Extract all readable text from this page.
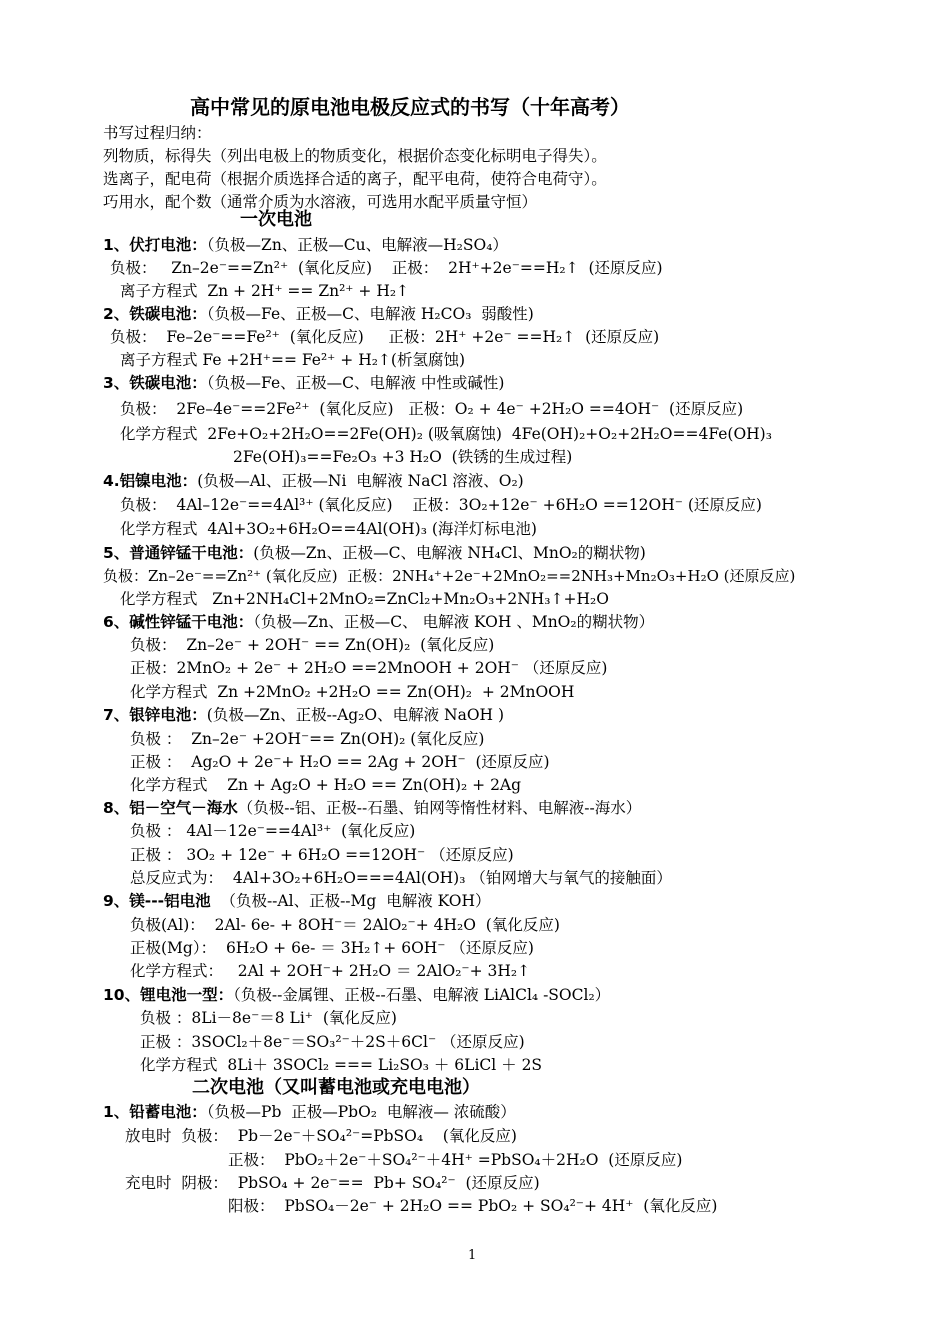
高中常见的原电池电极反应式的书写（十年高考）
书写过程归纳：
列物质，标得失（列出电极上的物质变化，根据价态变化标明电子得失）。
选离子，配电荷（根据介质选择合适的离子，配平电荷，使符合电荷守）。
巧用水，配个数（通常介质为水溶液，可选用水配平质量守恒）
一次电池
1、伏打电池：（负极—Zn、正极—Cu、电解液—H₂SO₄）
负极：   Zn–2e⁻==Zn²⁺  (氧化反应)    正极：  2H⁺+2e⁻==H₂↑  (还原反应)
离子方程式  Zn + 2H⁺ == Zn²⁺ + H₂↑
2、铁碳电池：（负极—Fe、正极—C、电解液 H₂CO₃  弱酸性)
负极：  Fe–2e⁻==Fe²⁺  (氧化反应)     正极：2H⁺ +2e⁻ ==H₂↑  (还原反应)
离子方程式 Fe +2H⁺== Fe²⁺ + H₂↑(析氢腐蚀)
3、铁碳电池：（负极—Fe、正极—C、电解液 中性或碱性)
负极：  2Fe–4e⁻==2Fe²⁺  (氧化反应)   正极：O₂ + 4e⁻ +2H₂O ==4OH⁻  (还原反应)
化学方程式  2Fe+O₂+2H₂O==2Fe(OH)₂ (吸氧腐蚀)  4Fe(OH)₂+O₂+2H₂O==4Fe(OH)₃
2Fe(OH)₃==Fe₂O₃ +3 H₂O  (铁锈的生成过程)
4.铝镍电池：(负极—Al、正极—Ni  电解液 NaCl 溶液、O₂)
负极：  4Al–12e⁻==4Al³⁺ (氧化反应)    正极：3O₂+12e⁻ +6H₂O ==12OH⁻ (还原反应)
化学方程式  4Al+3O₂+6H₂O==4Al(OH)₃ (海洋灯标电池)
5、普通锌锰干电池：(负极—Zn、正极—C、电解液 NH₄Cl、MnO₂的糊状物)
负极：Zn–2e⁻==Zn²⁺ (氧化反应)  正极：2NH₄⁺+2e⁻+2MnO₂==2NH₃+Mn₂O₃+H₂O (还原反应)
化学方程式   Zn+2NH₄Cl+2MnO₂=ZnCl₂+Mn₂O₃+2NH₃↑+H₂O
6、碱性锌锰干电池：（负极—Zn、正极—C、 电解液 KOH 、MnO₂的糊状物）
负极：  Zn–2e⁻ + 2OH⁻ == Zn(OH)₂  (氧化反应)
正极：2MnO₂ + 2e⁻ + 2H₂O ==2MnOOH + 2OH⁻ （还原反应)
化学方程式  Zn +2MnO₂ +2H₂O == Zn(OH)₂  + 2MnOOH
7、银锌电池：(负极—Zn、正极--Ag₂O、电解液 NaOH )
负极 ：  Zn–2e⁻ +2OH⁻== Zn(OH)₂ (氧化反应)
正极 ：  Ag₂O + 2e⁻+ H₂O == 2Ag + 2OH⁻  (还原反应)
化学方程式    Zn + Ag₂O + H₂O == Zn(OH)₂ + 2Ag
8、铝－空气－海水（负极--铝、正极--石墨、铂网等惰性材料、电解液--海水）
负极 ： 4Al－12e⁻==4Al³⁺  (氧化反应)
正极 ： 3O₂ + 12e⁻ + 6H₂O ==12OH⁻ （还原反应)
总反应式为：  4Al+3O₂+6H₂O===4Al(OH)₃ （铂网增大与氧气的接触面）
9、镁---铝电池  （负极--Al、正极--Mg  电解液 KOH）
负极(Al)：  2Al- 6e- + 8OH⁻＝ 2AlO₂⁻+ 4H₂O  (氧化反应)
正极(Mg）：  6H₂O + 6e- ＝ 3H₂↑+ 6OH⁻ （还原反应)
化学方程式：   2Al + 2OH⁻+ 2H₂O ＝ 2AlO₂⁻+ 3H₂↑
10、锂电池一型：（负极--金属锂、正极--石墨、电解液 LiAlCl₄ -SOCl₂）
负极 ：8Li－8e⁻＝8 Li⁺  (氧化反应)
正极 ：3SOCl₂＋8e⁻＝SO₃²⁻＋2S＋6Cl⁻ （还原反应)
化学方程式  8Li＋ 3SOCl₂ === Li₂SO₃ ＋ 6LiCl ＋ 2S
二次电池（又叫蓄电池或充电电池）
1、铅蓄电池：（负极—Pb  正极—PbO₂  电解液— 浓硫酸）
放电时  负极：  Pb－2e⁻＋SO₄²⁻=PbSO₄    (氧化反应)
正极：  PbO₂＋2e⁻＋SO₄²⁻＋4H⁺ =PbSO₄＋2H₂O  (还原反应)
充电时  阴极：  PbSO₄ + 2e⁻==  Pb+ SO₄²⁻  (还原反应)
阳极：  PbSO₄－2e⁻ + 2H₂O == PbO₂ + SO₄²⁻+ 4H⁺  (氧化反应)
1
